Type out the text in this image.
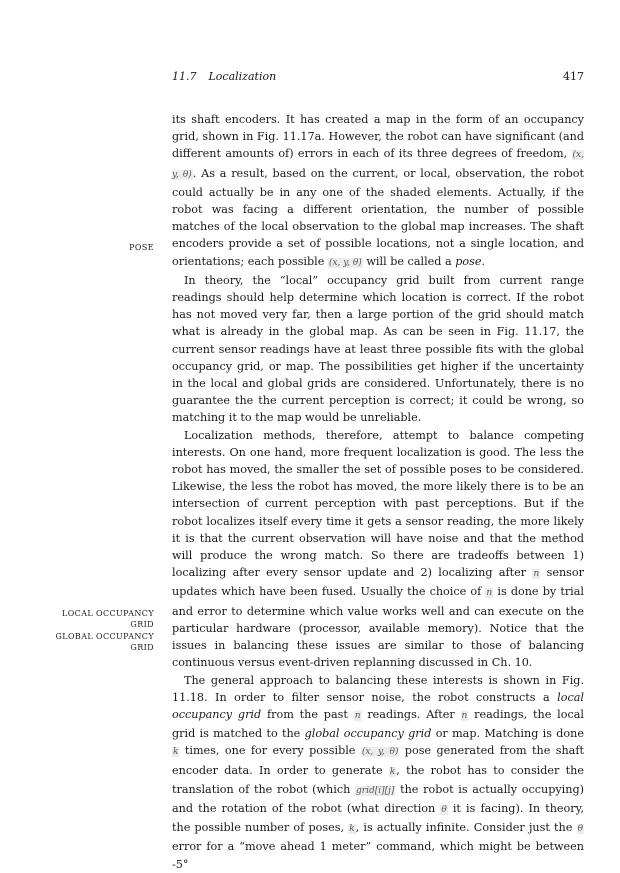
11.7 Localization	417
POSE
LOCAL OCCUPANCY
GRID
GLOBAL OCCUPANCY
GRID

its shaft encoders. It has created a map in the form of an occupancy grid, shown in Fig. 11.17a. However, the robot can have significant (and different amounts of) errors in each of its three degrees of freedom, (x, y, θ). As a result, based on the current, or local, observation, the robot could actually be in any one of the shaded elements. Actually, if the robot was facing a different orientation, the number of possible matches of the local observation to the global map increases. The shaft encoders provide a set of possible locations, not a single location, and orientations; each possible (x, y, θ) will be called a pose.

In theory, the “local” occupancy grid built from current range readings should help determine which location is correct. If the robot has not moved very far, then a large portion of the grid should match what is already in the global map. As can be seen in Fig. 11.17, the current sensor readings have at least three possible fits with the global occupancy grid, or map. The possibilities get higher if the uncertainty in the local and global grids are considered. Unfortunately, there is no guarantee the the current perception is correct; it could be wrong, so matching it to the map would be unreliable.

Localization methods, therefore, attempt to balance competing interests. On one hand, more frequent localization is good. The less the robot has moved, the smaller the set of possible poses to be considered. Likewise, the less the robot has moved, the more likely there is to be an intersection of current perception with past perceptions. But if the robot localizes itself every time it gets a sensor reading, the more likely it is that the current observation will have noise and that the method will produce the wrong match. So there are tradeoffs between 1) localizing after every sensor update and 2) localizing after n sensor updates which have been fused. Usually the choice of n is done by trial and error to determine which value works well and can execute on the particular hardware (processor, available memory). Notice that the issues in balancing these issues are similar to those of balancing continuous versus event-driven replanning discussed in Ch. 10.

The general approach to balancing these interests is shown in Fig. 11.18. In order to filter sensor noise, the robot constructs a local occupancy grid from the past n readings. After n readings, the local grid is matched to the global occupancy grid or map. Matching is done k times, one for every possible (x, y, θ) pose generated from the shaft encoder data. In order to generate k, the robot has to consider the translation of the robot (which grid[i][j] the robot is actually occupying) and the rotation of the robot (what direction θ it is facing). In theory, the possible number of poses, k, is actually infinite. Consider just the θ error for a “move ahead 1 meter” command, which might be between -5°
